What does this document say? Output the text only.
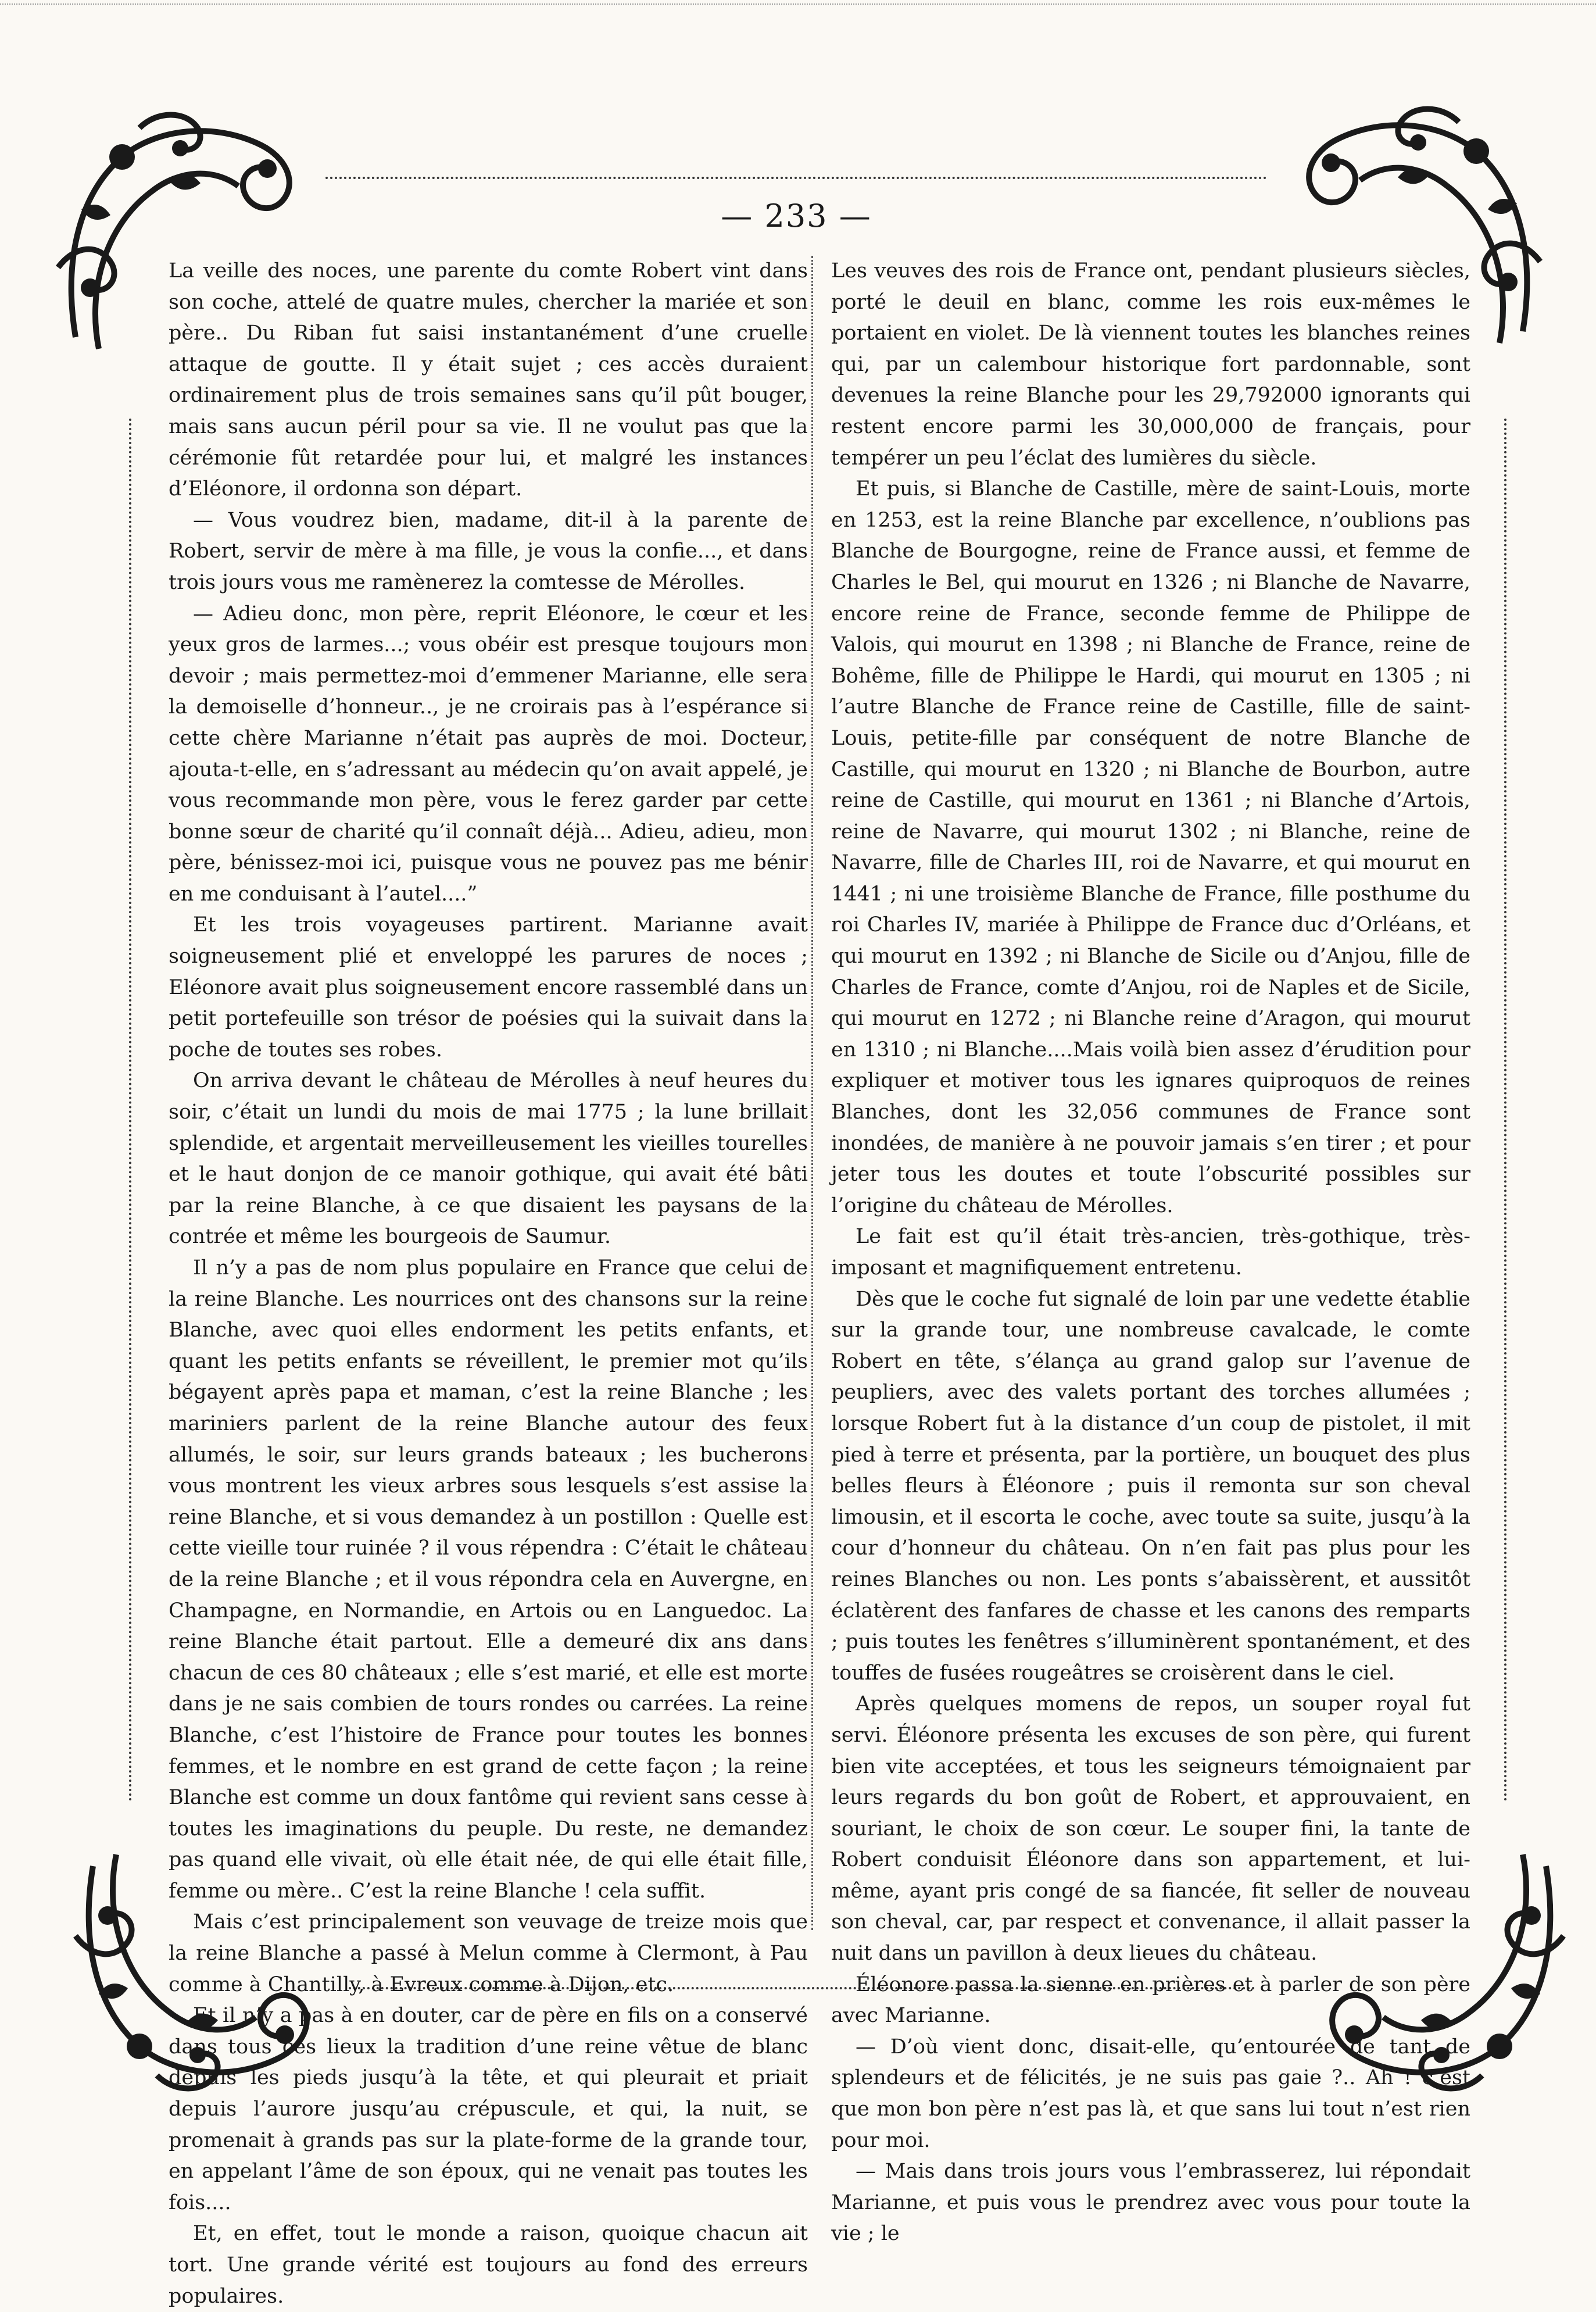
— 233 —

La veille des noces, une parente du comte Robert vint dans son coche, attelé de quatre mules, chercher la mariée et son père.. Du Riban fut saisi instantanément d’une cruelle attaque de goutte. Il y était sujet ; ces accès duraient ordinairement plus de trois semaines sans qu’il pût bouger, mais sans aucun péril pour sa vie. Il ne voulut pas que la cérémonie fût retardée pour lui, et malgré les instances d’Eléonore, il ordonna son départ.

— Vous voudrez bien, madame, dit-il à la parente de Robert, servir de mère à ma fille, je vous la confie..., et dans trois jours vous me ramènerez la comtesse de Mérolles.

— Adieu donc, mon père, reprit Eléonore, le cœur et les yeux gros de larmes...; vous obéir est presque toujours mon devoir ; mais permettez-moi d’emmener Marianne, elle sera la demoiselle d’honneur.., je ne croirais pas à l’espérance si cette chère Marianne n’était pas auprès de moi. Docteur, ajouta-t-elle, en s’adressant au médecin qu’on avait appelé, je vous recommande mon père, vous le ferez garder par cette bonne sœur de charité qu’il connaît déjà... Adieu, adieu, mon père, bénissez-moi ici, puisque vous ne pouvez pas me bénir en me conduisant à l’autel....”

Et les trois voyageuses partirent. Marianne avait soigneusement plié et enveloppé les parures de noces ; Eléonore avait plus soigneusement encore rassemblé dans un petit portefeuille son trésor de poésies qui la suivait dans la poche de toutes ses robes.

On arriva devant le château de Mérolles à neuf heures du soir, c’était un lundi du mois de mai 1775 ; la lune brillait splendide, et argentait merveilleusement les vieilles tourelles et le haut donjon de ce manoir gothique, qui avait été bâti par la reine Blanche, à ce que disaient les paysans de la contrée et même les bourgeois de Saumur.

Il n’y a pas de nom plus populaire en France que celui de la reine Blanche. Les nourrices ont des chansons sur la reine Blanche, avec quoi elles endorment les petits enfants, et quant les petits enfants se réveillent, le premier mot qu’ils bégayent après papa et maman, c’est la reine Blanche ; les mariniers parlent de la reine Blanche autour des feux allumés, le soir, sur leurs grands bateaux ; les bucherons vous montrent les vieux arbres sous lesquels s’est assise la reine Blanche, et si vous demandez à un postillon : Quelle est cette vieille tour ruinée ? il vous répendra : C’était le château de la reine Blanche ; et il vous répondra cela en Auvergne, en Champagne, en Normandie, en Artois ou en Languedoc. La reine Blanche était partout. Elle a demeuré dix ans dans chacun de ces 80 châteaux ; elle s’est marié, et elle est morte dans je ne sais combien de tours rondes ou carrées. La reine Blanche, c’est l’histoire de France pour toutes les bonnes femmes, et le nombre en est grand de cette façon ; la reine Blanche est comme un doux fantôme qui revient sans cesse à toutes les imaginations du peuple. Du reste, ne demandez pas quand elle vivait, où elle était née, de qui elle était fille, femme ou mère.. C’est la reine Blanche ! cela suffit.

Mais c’est principalement son veuvage de treize mois que la reine Blanche a passé à Melun comme à Clermont, à Pau comme à Chantilly, à Evreux comme à Dijon, etc.

Et il n’y a pas à en douter, car de père en fils on a conservé dans tous ces lieux la tradition d’une reine vêtue de blanc depuis les pieds jusqu’à la tête, et qui pleurait et priait depuis l’aurore jusqu’au crépuscule, et qui, la nuit, se promenait à grands pas sur la plate-forme de la grande tour, en appelant l’âme de son époux, qui ne venait pas toutes les fois....

Et, en effet, tout le monde a raison, quoique chacun ait tort. Une grande vérité est toujours au fond des erreurs populaires.

Les veuves des rois de France ont, pendant plusieurs siècles, porté le deuil en blanc, comme les rois eux-mêmes le portaient en violet. De là viennent toutes les blanches reines qui, par un calembour historique fort pardonnable, sont devenues la reine Blanche pour les 29,792000 ignorants qui restent encore parmi les 30,000,000 de français, pour tempérer un peu l’éclat des lumières du siècle.

Et puis, si Blanche de Castille, mère de saint-Louis, morte en 1253, est la reine Blanche par excellence, n’oublions pas Blanche de Bourgogne, reine de France aussi, et femme de Charles le Bel, qui mourut en 1326 ; ni Blanche de Navarre, encore reine de France, seconde femme de Philippe de Valois, qui mourut en 1398 ; ni Blanche de France, reine de Bohême, fille de Philippe le Hardi, qui mourut en 1305 ; ni l’autre Blanche de France reine de Castille, fille de saint-Louis, petite-fille par conséquent de notre Blanche de Castille, qui mourut en 1320 ; ni Blanche de Bourbon, autre reine de Castille, qui mourut en 1361 ; ni Blanche d’Artois, reine de Navarre, qui mourut 1302 ; ni Blanche, reine de Navarre, fille de Charles III, roi de Navarre, et qui mourut en 1441 ; ni une troisième Blanche de France, fille posthume du roi Charles IV, mariée à Philippe de France duc d’Orléans, et qui mourut en 1392 ; ni Blanche de Sicile ou d’Anjou, fille de Charles de France, comte d’Anjou, roi de Naples et de Sicile, qui mourut en 1272 ; ni Blanche reine d’Aragon, qui mourut en 1310 ; ni Blanche....Mais voilà bien assez d’érudition pour expliquer et motiver tous les ignares quiproquos de reines Blanches, dont les 32,056 communes de France sont inondées, de manière à ne pouvoir jamais s’en tirer ; et pour jeter tous les doutes et toute l’obscurité possibles sur l’origine du château de Mérolles.

Le fait est qu’il était très-ancien, très-gothique, très-imposant et magnifiquement entretenu.

Dès que le coche fut signalé de loin par une vedette établie sur la grande tour, une nombreuse cavalcade, le comte Robert en tête, s’élança au grand galop sur l’avenue de peupliers, avec des valets portant des torches allumées ; lorsque Robert fut à la distance d’un coup de pistolet, il mit pied à terre et présenta, par la portière, un bouquet des plus belles fleurs à Éléonore ; puis il remonta sur son cheval limousin, et il escorta le coche, avec toute sa suite, jusqu’à la cour d’honneur du château. On n’en fait pas plus pour les reines Blanches ou non. Les ponts s’abaissèrent, et aussitôt éclatèrent des fanfares de chasse et les canons des remparts ; puis toutes les fenêtres s’illuminèrent spontanément, et des touffes de fusées rougeâtres se croisèrent dans le ciel.

Après quelques momens de repos, un souper royal fut servi. Éléonore présenta les excuses de son père, qui furent bien vite acceptées, et tous les seigneurs témoignaient par leurs regards du bon goût de Robert, et approuvaient, en souriant, le choix de son cœur. Le souper fini, la tante de Robert conduisit Éléonore dans son appartement, et lui-même, ayant pris congé de sa fiancée, fit seller de nouveau son cheval, car, par respect et convenance, il allait passer la nuit dans un pavillon à deux lieues du château.

Éléonore passa la sienne en prières et à parler de son père avec Marianne.

— D’où vient donc, disait-elle, qu’entourée de tant de splendeurs et de félicités, je ne suis pas gaie ?.. Ah ! c’est que mon bon père n’est pas là, et que sans lui tout n’est rien pour moi.

— Mais dans trois jours vous l’embrasserez, lui répondait Marianne, et puis vous le prendrez avec vous pour toute la vie ; le
